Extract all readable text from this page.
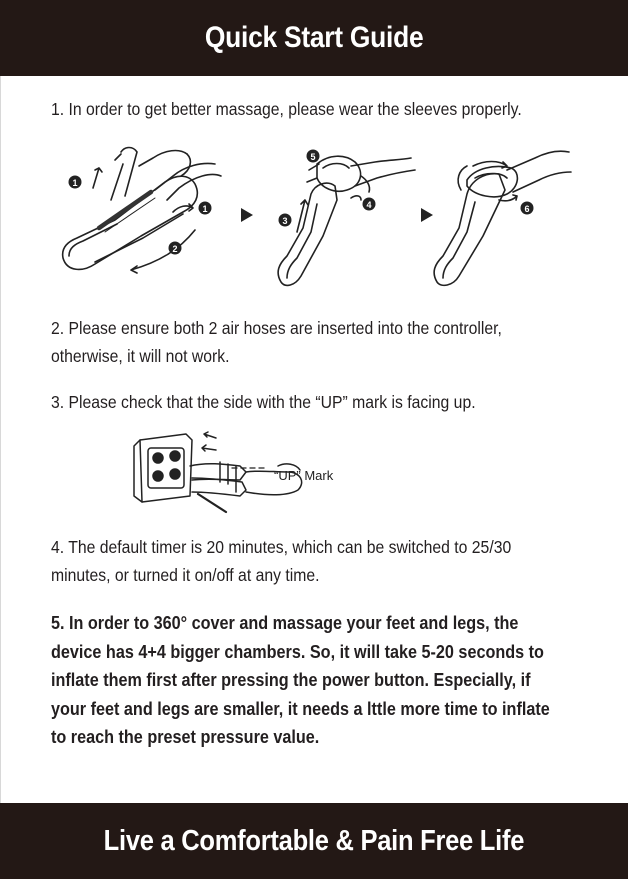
Quick Start Guide
1. In order to get better massage, please wear the sleeves properly.
1
1
2
5
3
4	6
2. Please ensure both 2 air hoses are inserted into the controller,
otherwise, it will not work.
3. Please check that the side with the “UP” mark is facing up.
“UP” Mark
4. The default timer is 20 minutes, which can be switched to 25/30
minutes, or turned it on/off at any time.
5. In order to 360° cover and massage your feet and legs, the
device has 4+4 bigger chambers. So, it will take 5-20 seconds to
inflate them first after pressing the power button. Especially, if
your feet and legs are smaller, it needs a lttle more time to inflate
to reach the preset pressure value.
Live a Comfortable & Pain Free Life
